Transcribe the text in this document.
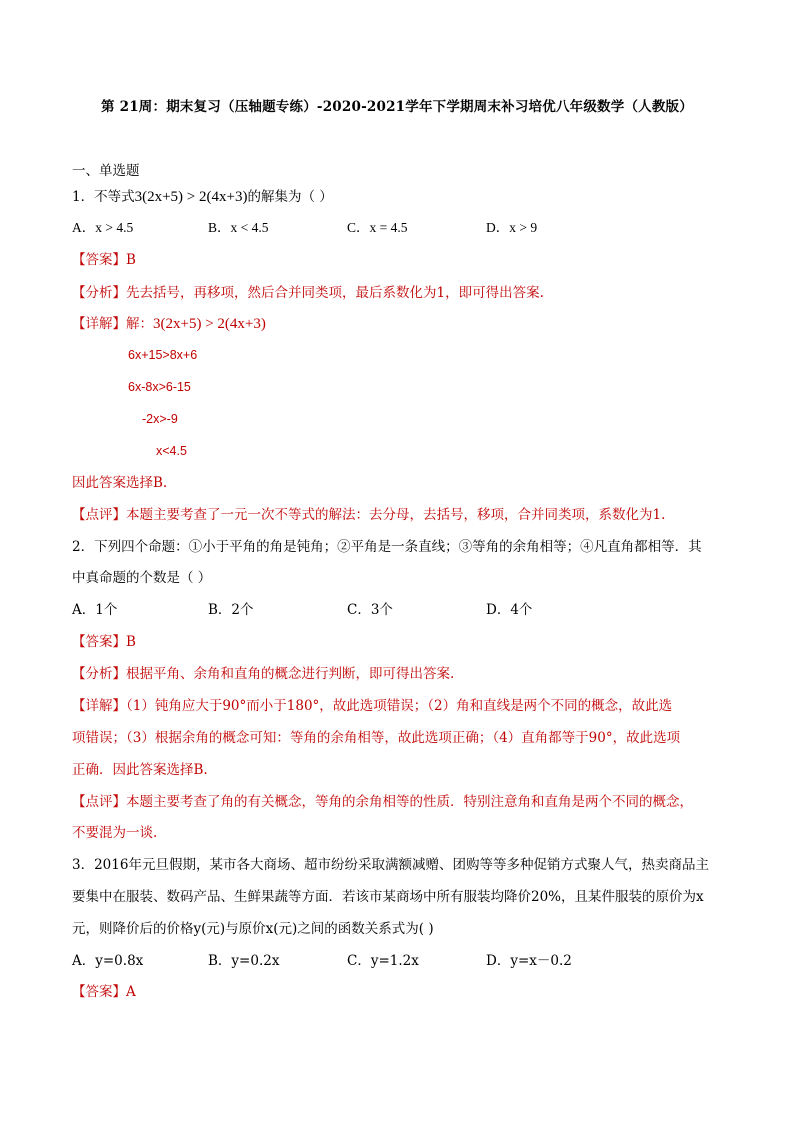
第 21周：期末复习（压轴题专练）-2020-2021学年下学期周末补习培优八年级数学（人教版）
一、单选题
1．不等式3(2x+5) > 2(4x+3)的解集为（ ）
A．x > 4.5	B．x < 4.5	C．x = 4.5	D．x > 9
【答案】B
【分析】先去括号，再移项，然后合并同类项，最后系数化为1，即可得出答案.
【详解】解：3(2x+5) > 2(4x+3)
6x+15>8x+6
6x-8x>6-15
-2x>-9
x<4.5
因此答案选择B.
【点评】本题主要考查了一元一次不等式的解法：去分母，去括号，移项，合并同类项，系数化为1.
2．下列四个命题：①小于平角的角是钝角；②平角是一条直线；③等角的余角相等；④凡直角都相等．其
中真命题的个数是（ ）
A．1个	B．2个	C．3个	D．4个
【答案】B
【分析】根据平角、余角和直角的概念进行判断，即可得出答案.
【详解】（1）钝角应大于90°而小于180°，故此选项错误；（2）角和直线是两个不同的概念，故此选
项错误；（3）根据余角的概念可知：等角的余角相等，故此选项正确；（4）直角都等于90°，故此选项
正确．因此答案选择B.
【点评】本题主要考查了角的有关概念，等角的余角相等的性质．特别注意角和直角是两个不同的概念，
不要混为一谈.
3．2016年元旦假期，某市各大商场、超市纷纷采取满额减赠、团购等等多种促销方式聚人气，热卖商品主
要集中在服装、数码产品、生鲜果蔬等方面．若该市某商场中所有服装均降价20%，且某件服装的原价为x
元，则降价后的价格y(元)与原价x(元)之间的函数关系式为( )
A．y=0.8x	B．y=0.2x	C．y=1.2x	D．y=x－0.2
【答案】A
